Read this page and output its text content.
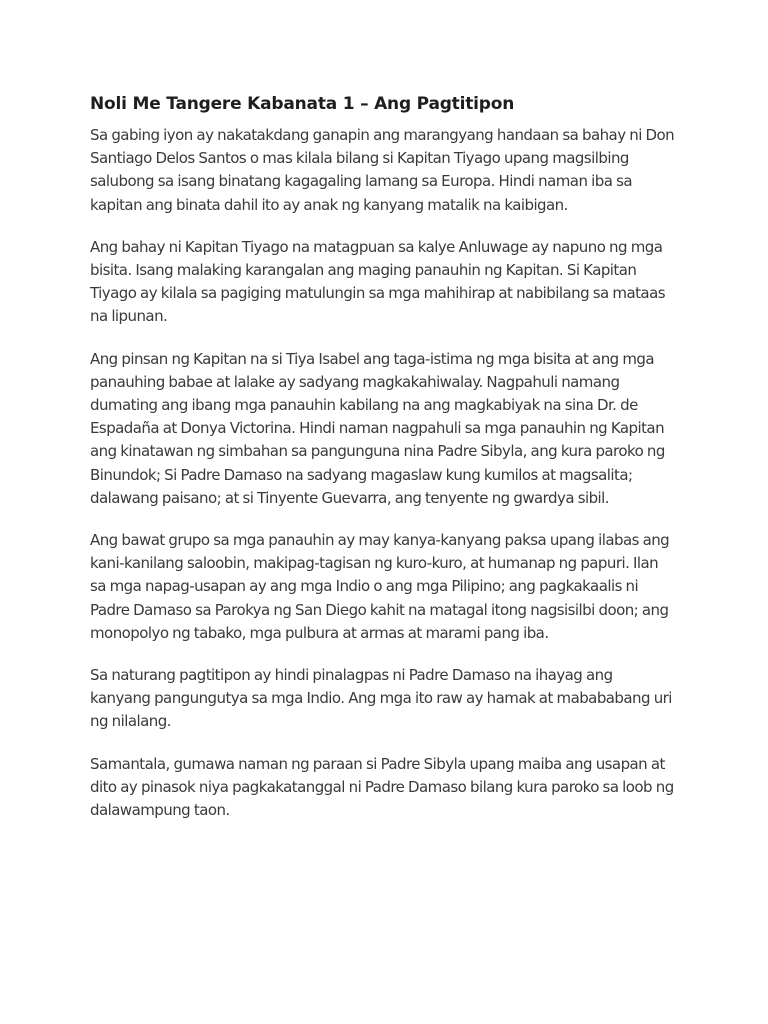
Noli Me Tangere Kabanata 1 – Ang Pagtitipon

Sa gabing iyon ay nakatakdang ganapin ang marangyang handaan sa bahay ni Don Santiago Delos Santos o mas kilala bilang si Kapitan Tiyago upang magsilbing salubong sa isang binatang kagagaling lamang sa Europa. Hindi naman iba sa kapitan ang binata dahil ito ay anak ng kanyang matalik na kaibigan.

Ang bahay ni Kapitan Tiyago na matagpuan sa kalye Anluwage ay napuno ng mga bisita. Isang malaking karangalan ang maging panauhin ng Kapitan. Si Kapitan Tiyago ay kilala sa pagiging matulungin sa mga mahihirap at nabibilang sa mataas na lipunan.

Ang pinsan ng Kapitan na si Tiya Isabel ang taga-istima ng mga bisita at ang mga panauhing babae at lalake ay sadyang magkakahiwalay. Nagpahuli namang dumating ang ibang mga panauhin kabilang na ang magkabiyak na sina Dr. de Espadaña at Donya Victorina. Hindi naman nagpahuli sa mga panauhin ng Kapitan ang kinatawan ng simbahan sa pangunguna nina Padre Sibyla, ang kura paroko ng Binundok; Si Padre Damaso na sadyang magaslaw kung kumilos at magsalita; dalawang paisano; at si Tinyente Guevarra, ang tenyente ng gwardya sibil.

Ang bawat grupo sa mga panauhin ay may kanya-kanyang paksa upang ilabas ang kani-kanilang saloobin, makipag-tagisan ng kuro-kuro, at humanap ng papuri. Ilan sa mga napag-usapan ay ang mga Indio o ang mga Pilipino; ang pagkakaalis ni Padre Damaso sa Parokya ng San Diego kahit na matagal itong nagsisilbi doon; ang monopolyo ng tabako, mga pulbura at armas at marami pang iba.

Sa naturang pagtitipon ay hindi pinalagpas ni Padre Damaso na ihayag ang kanyang pangungutya sa mga Indio. Ang mga ito raw ay hamak at mabababang uri ng nilalang.

Samantala, gumawa naman ng paraan si Padre Sibyla upang maiba ang usapan at dito ay pinasok niya pagkakatanggal ni Padre Damaso bilang kura paroko sa loob ng dalawampung taon.
